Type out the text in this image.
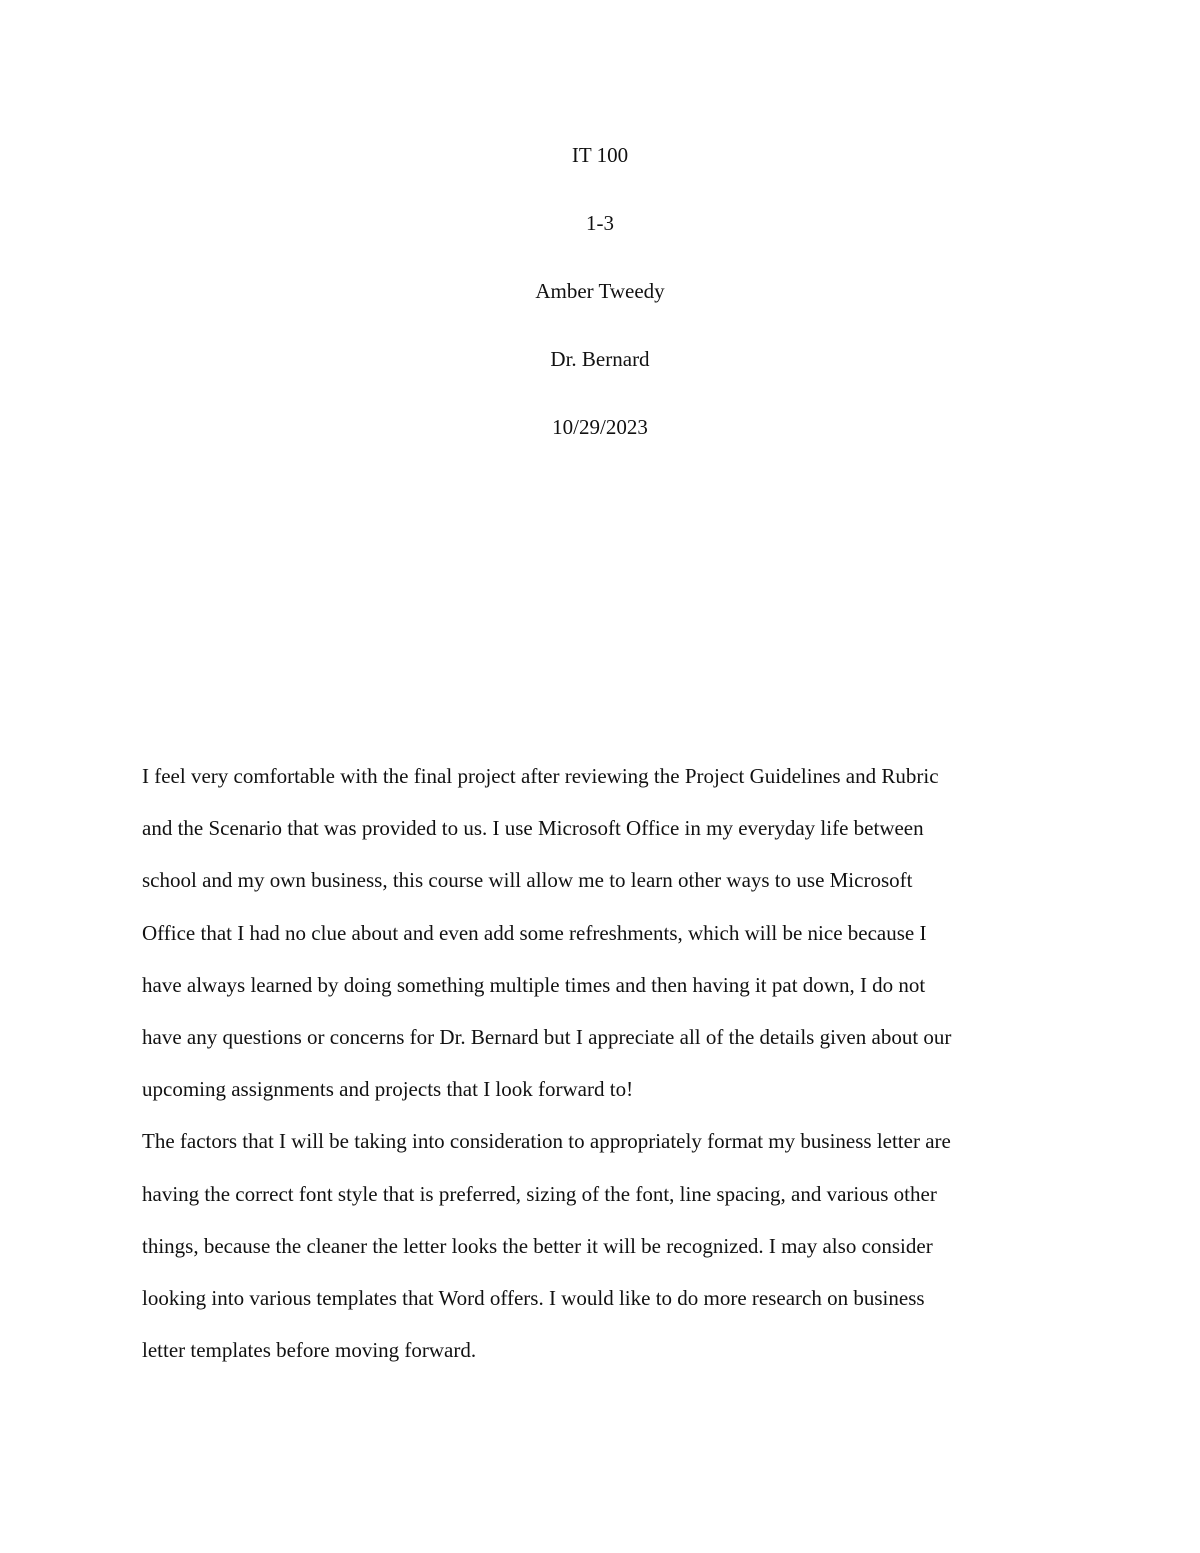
IT 100
1-3
Amber Tweedy
Dr. Bernard
10/29/2023

I feel very comfortable with the final project after reviewing the Project Guidelines and Rubric
and the Scenario that was provided to us. I use Microsoft Office in my everyday life between
school and my own business, this course will allow me to learn other ways to use Microsoft
Office that I had no clue about and even add some refreshments, which will be nice because I
have always learned by doing something multiple times and then having it pat down, I do not
have any questions or concerns for Dr. Bernard but I appreciate all of the details given about our
upcoming assignments and projects that I look forward to!

The factors that I will be taking into consideration to appropriately format my business letter are
having the correct font style that is preferred, sizing of the font, line spacing, and various other
things, because the cleaner the letter looks the better it will be recognized. I may also consider
looking into various templates that Word offers. I would like to do more research on business
letter templates before moving forward.
